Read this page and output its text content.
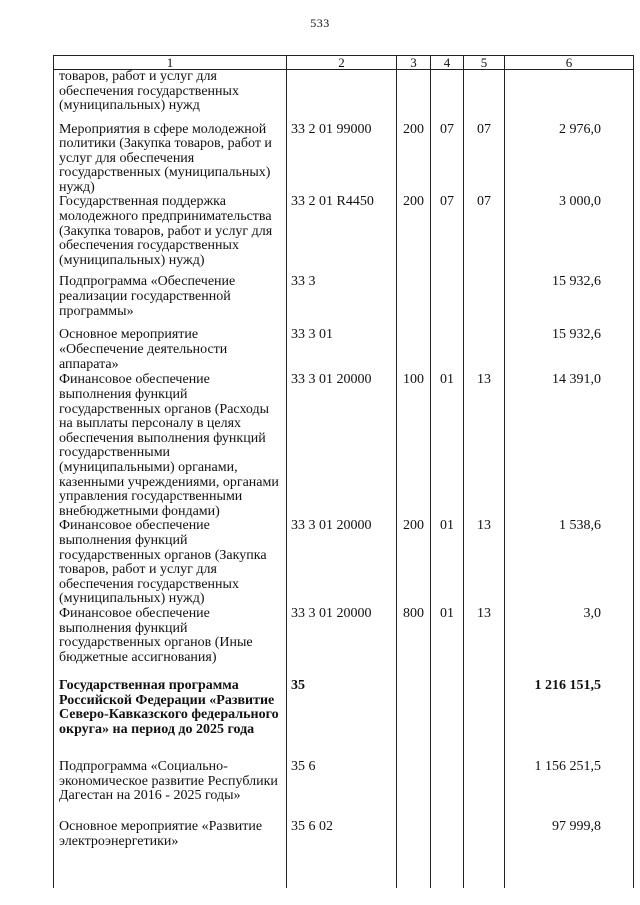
533
1	2	3	4	5	6
товаров, работ и услуг для обеспечения государственных (муниципальных) нужд					
Мероприятия в сфере молодежной политики (Закупка товаров, работ и услуг для обеспечения государственных (муниципальных) нужд)	33 2 01 99000	200	07	07	2 976,0
Государственная поддержка молодежного предпринимательства (Закупка товаров, работ и услуг для обеспечения государственных (муниципальных) нужд)	33 2 01 R4450	200	07	07	3 000,0
Подпрограмма «Обеспечение реализации государственной программы»	33 3				15 932,6
Основное мероприятие «Обеспечение деятельности аппарата»	33 3 01				15 932,6
Финансовое обеспечение выполнения функций государственных органов (Расходы на выплаты персоналу в целях обеспечения выполнения функций государственными (муниципальными) органами, казенными учреждениями, органами управления государственными внебюджетными фондами)	33 3 01 20000	100	01	13	14 391,0
Финансовое обеспечение выполнения функций государственных органов (Закупка товаров, работ и услуг для обеспечения государственных (муниципальных) нужд)	33 3 01 20000	200	01	13	1 538,6
Финансовое обеспечение выполнения функций государственных органов (Иные бюджетные ассигнования)	33 3 01 20000	800	01	13	3,0
Государственная программа Российской Федерации «Развитие Северо-Кавказского федерального округа» на период до 2025 года	35				1 216 151,5
Подпрограмма «Социально-экономическое развитие Республики Дагестан на 2016 - 2025 годы»	35 6				1 156 251,5
Основное мероприятие «Развитие электроэнергетики»	35 6 02				97 999,8
